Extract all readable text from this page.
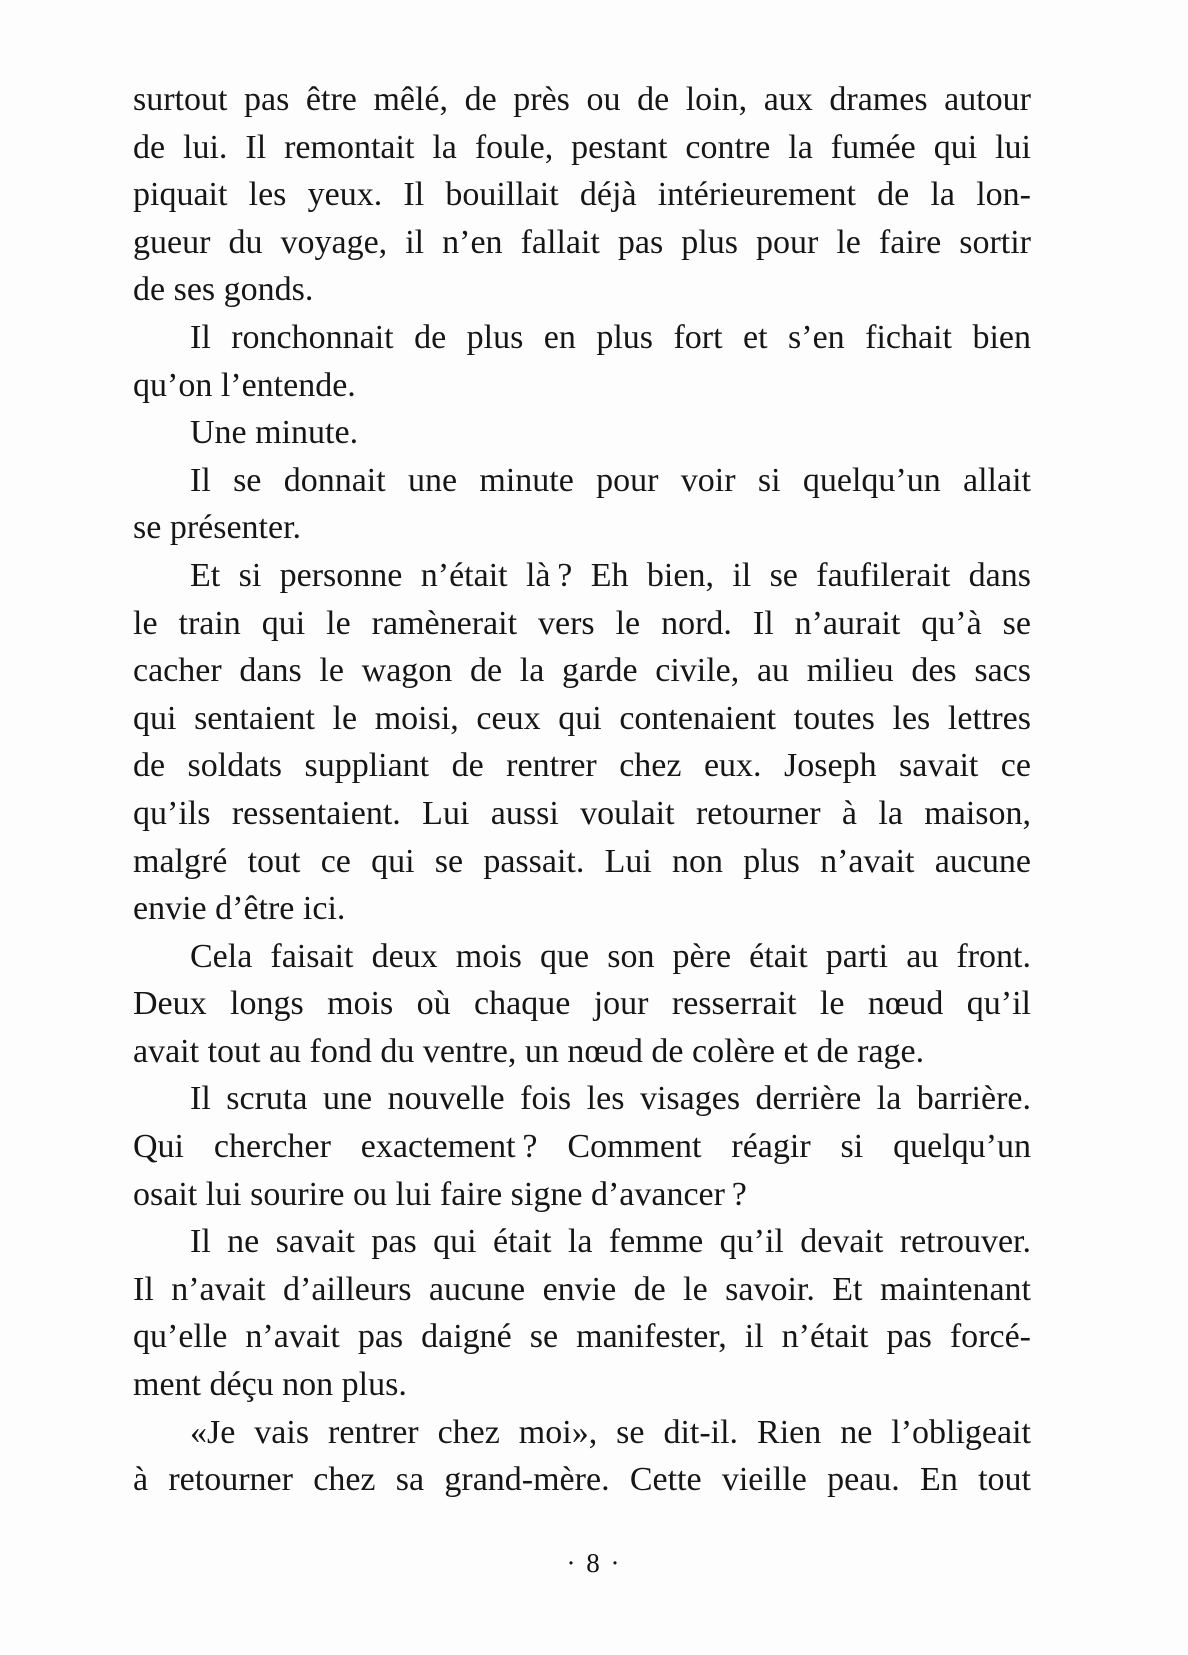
surtout pas être mêlé, de près ou de loin, aux drames autour
de lui. Il remontait la foule, pestant contre la fumée qui lui
piquait les yeux. Il bouillait déjà intérieurement de la lon-
gueur du voyage, il n’en fallait pas plus pour le faire sortir
de ses gonds.
Il ronchonnait de plus en plus fort et s’en fichait bien
qu’on l’entende.
Une minute.
Il se donnait une minute pour voir si quelqu’un allait
se présenter.
Et si personne n’était là ? Eh bien, il se faufilerait dans
le train qui le ramènerait vers le nord. Il n’aurait qu’à se
cacher dans le wagon de la garde civile, au milieu des sacs
qui sentaient le moisi, ceux qui contenaient toutes les lettres
de soldats suppliant de rentrer chez eux. Joseph savait ce
qu’ils ressentaient. Lui aussi voulait retourner à la maison,
malgré tout ce qui se passait. Lui non plus n’avait aucune
envie d’être ici.
Cela faisait deux mois que son père était parti au front.
Deux longs mois où chaque jour resserrait le nœud qu’il
avait tout au fond du ventre, un nœud de colère et de rage.
Il scruta une nouvelle fois les visages derrière la barrière.
Qui chercher exactement ? Comment réagir si quelqu’un
osait lui sourire ou lui faire signe d’avancer ?
Il ne savait pas qui était la femme qu’il devait retrouver.
Il n’avait d’ailleurs aucune envie de le savoir. Et maintenant
qu’elle n’avait pas daigné se manifester, il n’était pas forcé-
ment déçu non plus.
«Je vais rentrer chez moi», se dit-il. Rien ne l’obligeait
à retourner chez sa grand-mère. Cette vieille peau. En tout
· 8 ·
